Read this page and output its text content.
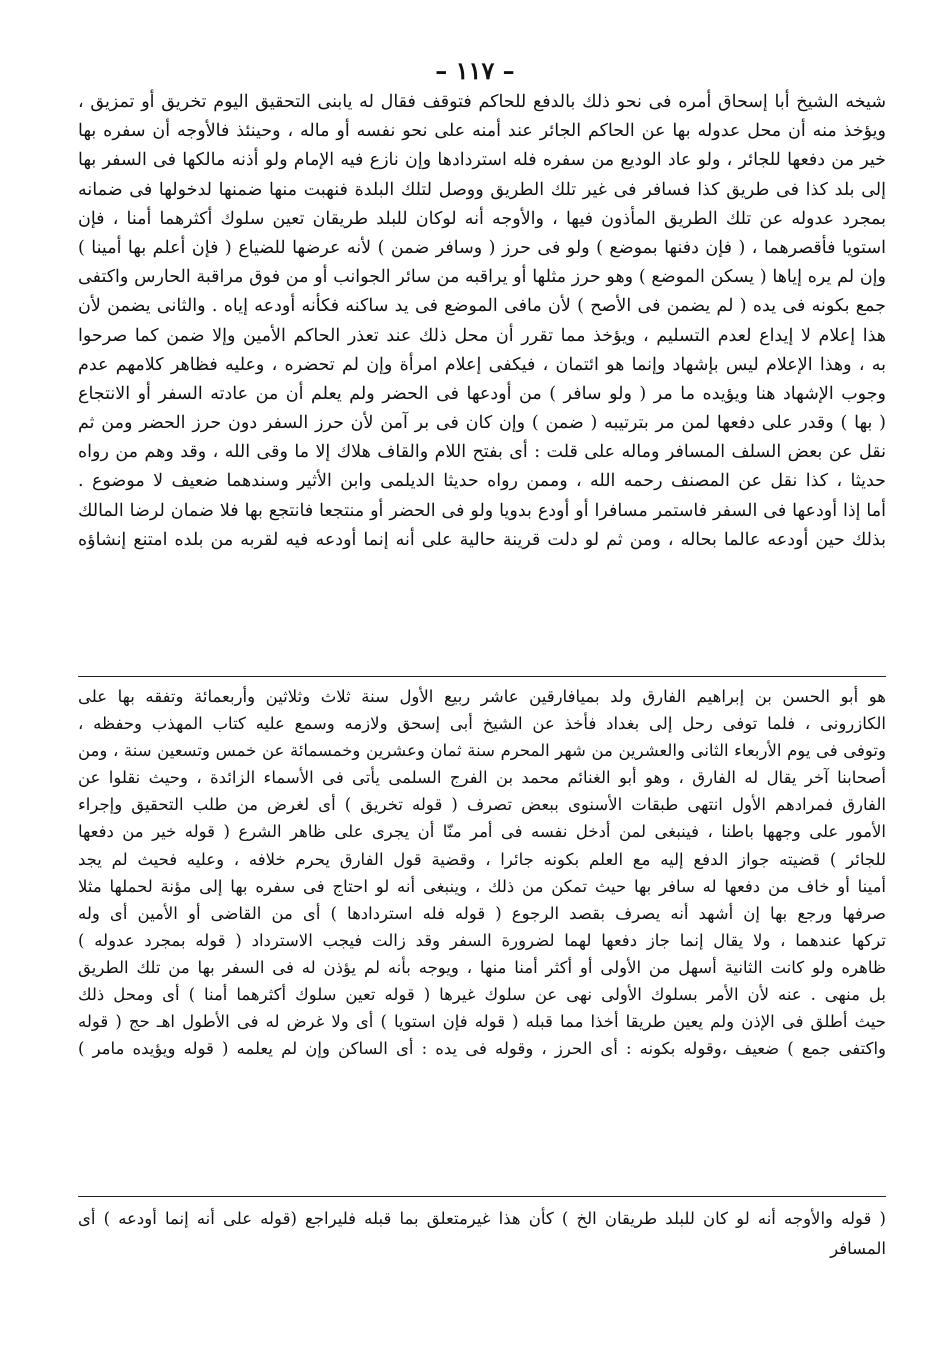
– ١١٧ –
شيخه الشيخ أبا إسحاق أمره فى نحو ذلك بالدفع للحاكم فتوقف فقال له يابنى التحقيق اليوم تخريق أو تمزيق ،
ويؤخذ منه أن محل عدوله بها عن الحاكم الجائر عند أمنه على نحو نفسه أو ماله ، وحينئذ فالأوجه أن سفره بها
خير من دفعها للجائر ، ولو عاد الوديع من سفره فله استردادها وإن نازع فيه الإمام ولو أذنه مالكها فى السفر بها
إلى بلد كذا فى طريق كذا فسافر فى غير تلك الطريق ووصل لتلك البلدة فنهبت منها ضمنها لدخولها فى ضمانه
بمجرد عدوله عن تلك الطريق المأذون فيها ، والأوجه أنه لوكان للبلد طريقان تعين سلوك أكثرهما أمنا ، فإن
استويا فأقصرهما ، ( فإن دفنها بموضع ) ولو فى حرز ( وسافر ضمن ) لأنه عرضها للضياع ( فإن أعلم بها أمينا )
وإن لم يره إياها ( يسكن الموضع ) وهو حرز مثلها أو يراقبه من سائر الجوانب أو من فوق مراقبة الحارس واكتفى
جمع بكونه فى يده ( لم يضمن فى الأصح ) لأن مافى الموضع فى يد ساكنه فكأنه أودعه إياه . والثانى يضمن لأن
هذا إعلام لا إيداع لعدم التسليم ، ويؤخذ مما تقرر أن محل ذلك عند تعذر الحاكم الأمين وإلا ضمن كما صرحوا
به ، وهذا الإعلام ليس بإشهاد وإنما هو ائتمان ، فيكفى إعلام امرأة وإن لم تحضره ، وعليه فظاهر كلامهم عدم
وجوب الإشهاد هنا ويؤيده ما مر ( ولو سافر ) من أودعها فى الحضر ولم يعلم أن من عادته السفر أو الانتجاع
( بها ) وقدر على دفعها لمن مر بترتيبه ( ضمن ) وإن كان فى بر آمن لأن حرز السفر دون حرز الحضر ومن ثم
نقل عن بعض السلف المسافر وماله على قلت : أى بفتح اللام والقاف هلاك إلا ما وقى الله ، وقد وهم من رواه
حديثا ، كذا نقل عن المصنف رحمه الله ، وممن رواه حديثا الديلمى وابن الأثير وسندهما ضعيف لا موضوع .
أما إذا أودعها فى السفر فاستمر مسافرا أو أودع بدويا ولو فى الحضر أو منتجعا فانتجع بها فلا ضمان لرضا المالك
بذلك حين أودعه عالما بحاله ، ومن ثم لو دلت قرينة حالية على أنه إنما أودعه فيه لقربه من بلده امتنع إنشاؤه
هو أبو الحسن بن إبراهيم الفارق ولد بميافارقين عاشر ربيع الأول سنة ثلاث وثلاثين وأربعمائة وتفقه بها على
الكازرونى ، فلما توفى رحل إلى بغداد فأخذ عن الشيخ أبى إسحق ولازمه وسمع عليه كتاب المهذب وحفظه ،
وتوفى فى يوم الأربعاء الثانى والعشرين من شهر المحرم سنة ثمان وعشرين وخمسمائة عن خمس وتسعين سنة ، ومن
أصحابنا آخر يقال له الفارق ، وهو أبو الغنائم محمد بن الفرج السلمى يأتى فى الأسماء الزائدة ، وحيث نقلوا عن
الفارق فمرادهم الأول انتهى طبقات الأسنوى ببعض تصرف ( قوله تخريق ) أى لغرض من طلب التحقيق وإجراء
الأمور على وجهها باطنا ، فينبغى لمن أدخل نفسه فى أمر منّا أن يجرى على ظاهر الشرع ( قوله خير من دفعها
للجائر ) قضيته جواز الدفع إليه مع العلم بكونه جائرا ، وقضية قول الفارق يحرم خلافه ، وعليه فحيث لم يجد
أمينا أو خاف من دفعها له سافر بها حيث تمكن من ذلك ، وينبغى أنه لو احتاج فى سفره بها إلى مؤنة لحملها مثلا
صرفها ورجع بها إن أشهد أنه يصرف بقصد الرجوع ( قوله فله استردادها ) أى من القاضى أو الأمين أى وله
تركها عندهما ، ولا يقال إنما جاز دفعها لهما لضرورة السفر وقد زالت فيجب الاسترداد ( قوله بمجرد عدوله )
ظاهره ولو كانت الثانية أسهل من الأولى أو أكثر أمنا منها ، ويوجه بأنه لم يؤذن له فى السفر بها من تلك الطريق
بل منهى . عنه لأن الأمر بسلوك الأولى نهى عن سلوك غيرها ( قوله تعين سلوك أكثرهما أمنا ) أى ومحل ذلك
حيث أطلق فى الإذن ولم يعين طريقا أخذا مما قبله ( قوله فإن استويا ) أى ولا غرض له فى الأطول اهـ حج ( قوله
واكتفى جمع ) ضعيف ،وقوله بكونه : أى الحرز ، وقوله فى يده : أى الساكن وإن لم يعلمه ( قوله ويؤيده مامر )
( قوله والأوجه أنه لو كان للبلد طريقان الخ ) كأن هذا غيرمتعلق بما قبله فليراجع (قوله على أنه إنما أودعه ) أى
المسافر
